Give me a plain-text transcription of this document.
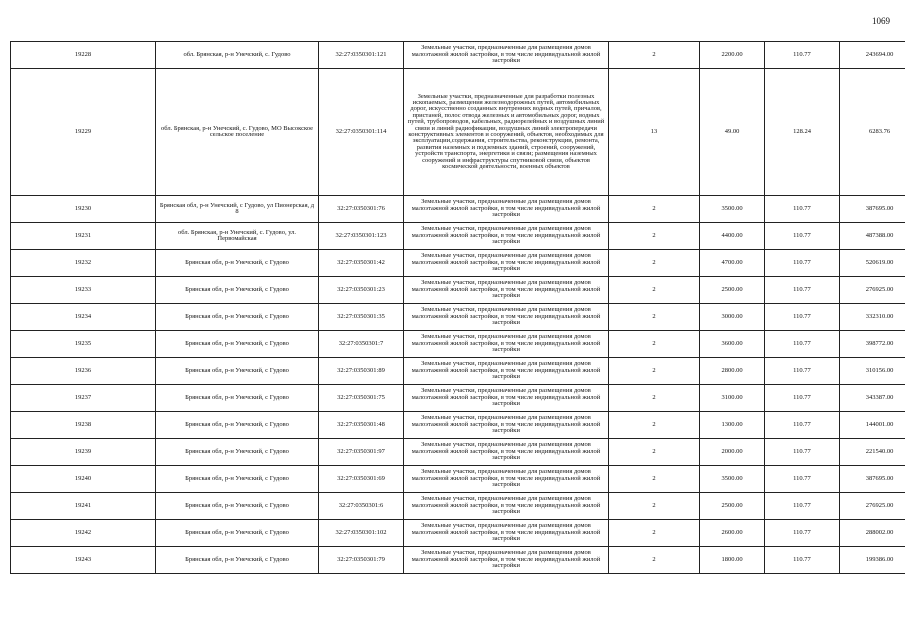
1069
19228	обл. Брянская, р-н Унечский, с. Гудово	32:27:0350301:121	Земельные участки, предназначенные для размещения домов малоэтажной жилой застройки, в том числе индивидуальной жилой застройки	2	2200.00	110.77	243694.00
19229	обл. Брянская, р-н Унечский, с. Гудово, МО Высокское сельское поселение	32:27:0350301:114	Земельные участки, предназначенные для разработки полезных ископаемых, размещения железнодорожных путей, автомобильных дорог, искусственно созданных внутренних водных путей, причалов, пристаней, полос отвода железных и автомобильных дорог, водных путей, трубопроводов, кабельных, радиорелейных и воздушных линий связи и линий радиофикации, воздушных линий электропередачи конструктивных элементов и сооружений, объектов, необходимых для эксплуатации,содержания, строительства, реконструкции, ремонта, развития наземных и подземных зданий, строений, сооружений, устройств транспорта, энергетики и связи; размещения наземных сооружений и инфраструктуры спутниковой связи, объектов космической деятельности, военных объектов	13	49.00	128.24	6283.76
19230	Брянская обл, р-н Унечский, с Гудово, ул Пионерская, д 8	32:27:0350301:76	Земельные участки, предназначенные для размещения домов малоэтажной жилой застройки, в том числе индивидуальной жилой застройки	2	3500.00	110.77	387695.00
19231	обл. Брянская, р-н Унечский, с. Гудово, ул. Первомайская	32:27:0350301:123	Земельные участки, предназначенные для размещения домов малоэтажной жилой застройки, в том числе индивидуальной жилой застройки	2	4400.00	110.77	487388.00
19232	Брянская обл, р-н Унечский, с Гудово	32:27:0350301:42	Земельные участки, предназначенные для размещения домов малоэтажной жилой застройки, в том числе индивидуальной жилой застройки	2	4700.00	110.77	520619.00
19233	Брянская обл, р-н Унечский, с Гудово	32:27:0350301:23	Земельные участки, предназначенные для размещения домов малоэтажной жилой застройки, в том числе индивидуальной жилой застройки	2	2500.00	110.77	276925.00
19234	Брянская обл, р-н Унечский, с Гудово	32:27:0350301:35	Земельные участки, предназначенные для размещения домов малоэтажной жилой застройки, в том числе индивидуальной жилой застройки	2	3000.00	110.77	332310.00
19235	Брянская обл, р-н Унечский, с Гудово	32:27:0350301:7	Земельные участки, предназначенные для размещения домов малоэтажной жилой застройки, в том числе индивидуальной жилой застройки	2	3600.00	110.77	398772.00
19236	Брянская обл, р-н Унечский, с Гудово	32:27:0350301:89	Земельные участки, предназначенные для размещения домов малоэтажной жилой застройки, в том числе индивидуальной жилой застройки	2	2800.00	110.77	310156.00
19237	Брянская обл, р-н Унечский, с Гудово	32:27:0350301:75	Земельные участки, предназначенные для размещения домов малоэтажной жилой застройки, в том числе индивидуальной жилой застройки	2	3100.00	110.77	343387.00
19238	Брянская обл, р-н Унечский, с Гудово	32:27:0350301:48	Земельные участки, предназначенные для размещения домов малоэтажной жилой застройки, в том числе индивидуальной жилой застройки	2	1300.00	110.77	144001.00
19239	Брянская обл, р-н Унечский, с Гудово	32:27:0350301:97	Земельные участки, предназначенные для размещения домов малоэтажной жилой застройки, в том числе индивидуальной жилой застройки	2	2000.00	110.77	221540.00
19240	Брянская обл, р-н Унечский, с Гудово	32:27:0350301:69	Земельные участки, предназначенные для размещения домов малоэтажной жилой застройки, в том числе индивидуальной жилой застройки	2	3500.00	110.77	387695.00
19241	Брянская обл, р-н Унечский, с Гудово	32:27:0350301:6	Земельные участки, предназначенные для размещения домов малоэтажной жилой застройки, в том числе индивидуальной жилой застройки	2	2500.00	110.77	276925.00
19242	Брянская обл, р-н Унечский, с Гудово	32:27:0350301:102	Земельные участки, предназначенные для размещения домов малоэтажной жилой застройки, в том числе индивидуальной жилой застройки	2	2600.00	110.77	288002.00
19243	Брянская обл, р-н Унечский, с Гудово	32:27:0350301:79	Земельные участки, предназначенные для размещения домов малоэтажной жилой застройки, в том числе индивидуальной жилой застройки	2	1800.00	110.77	199386.00
